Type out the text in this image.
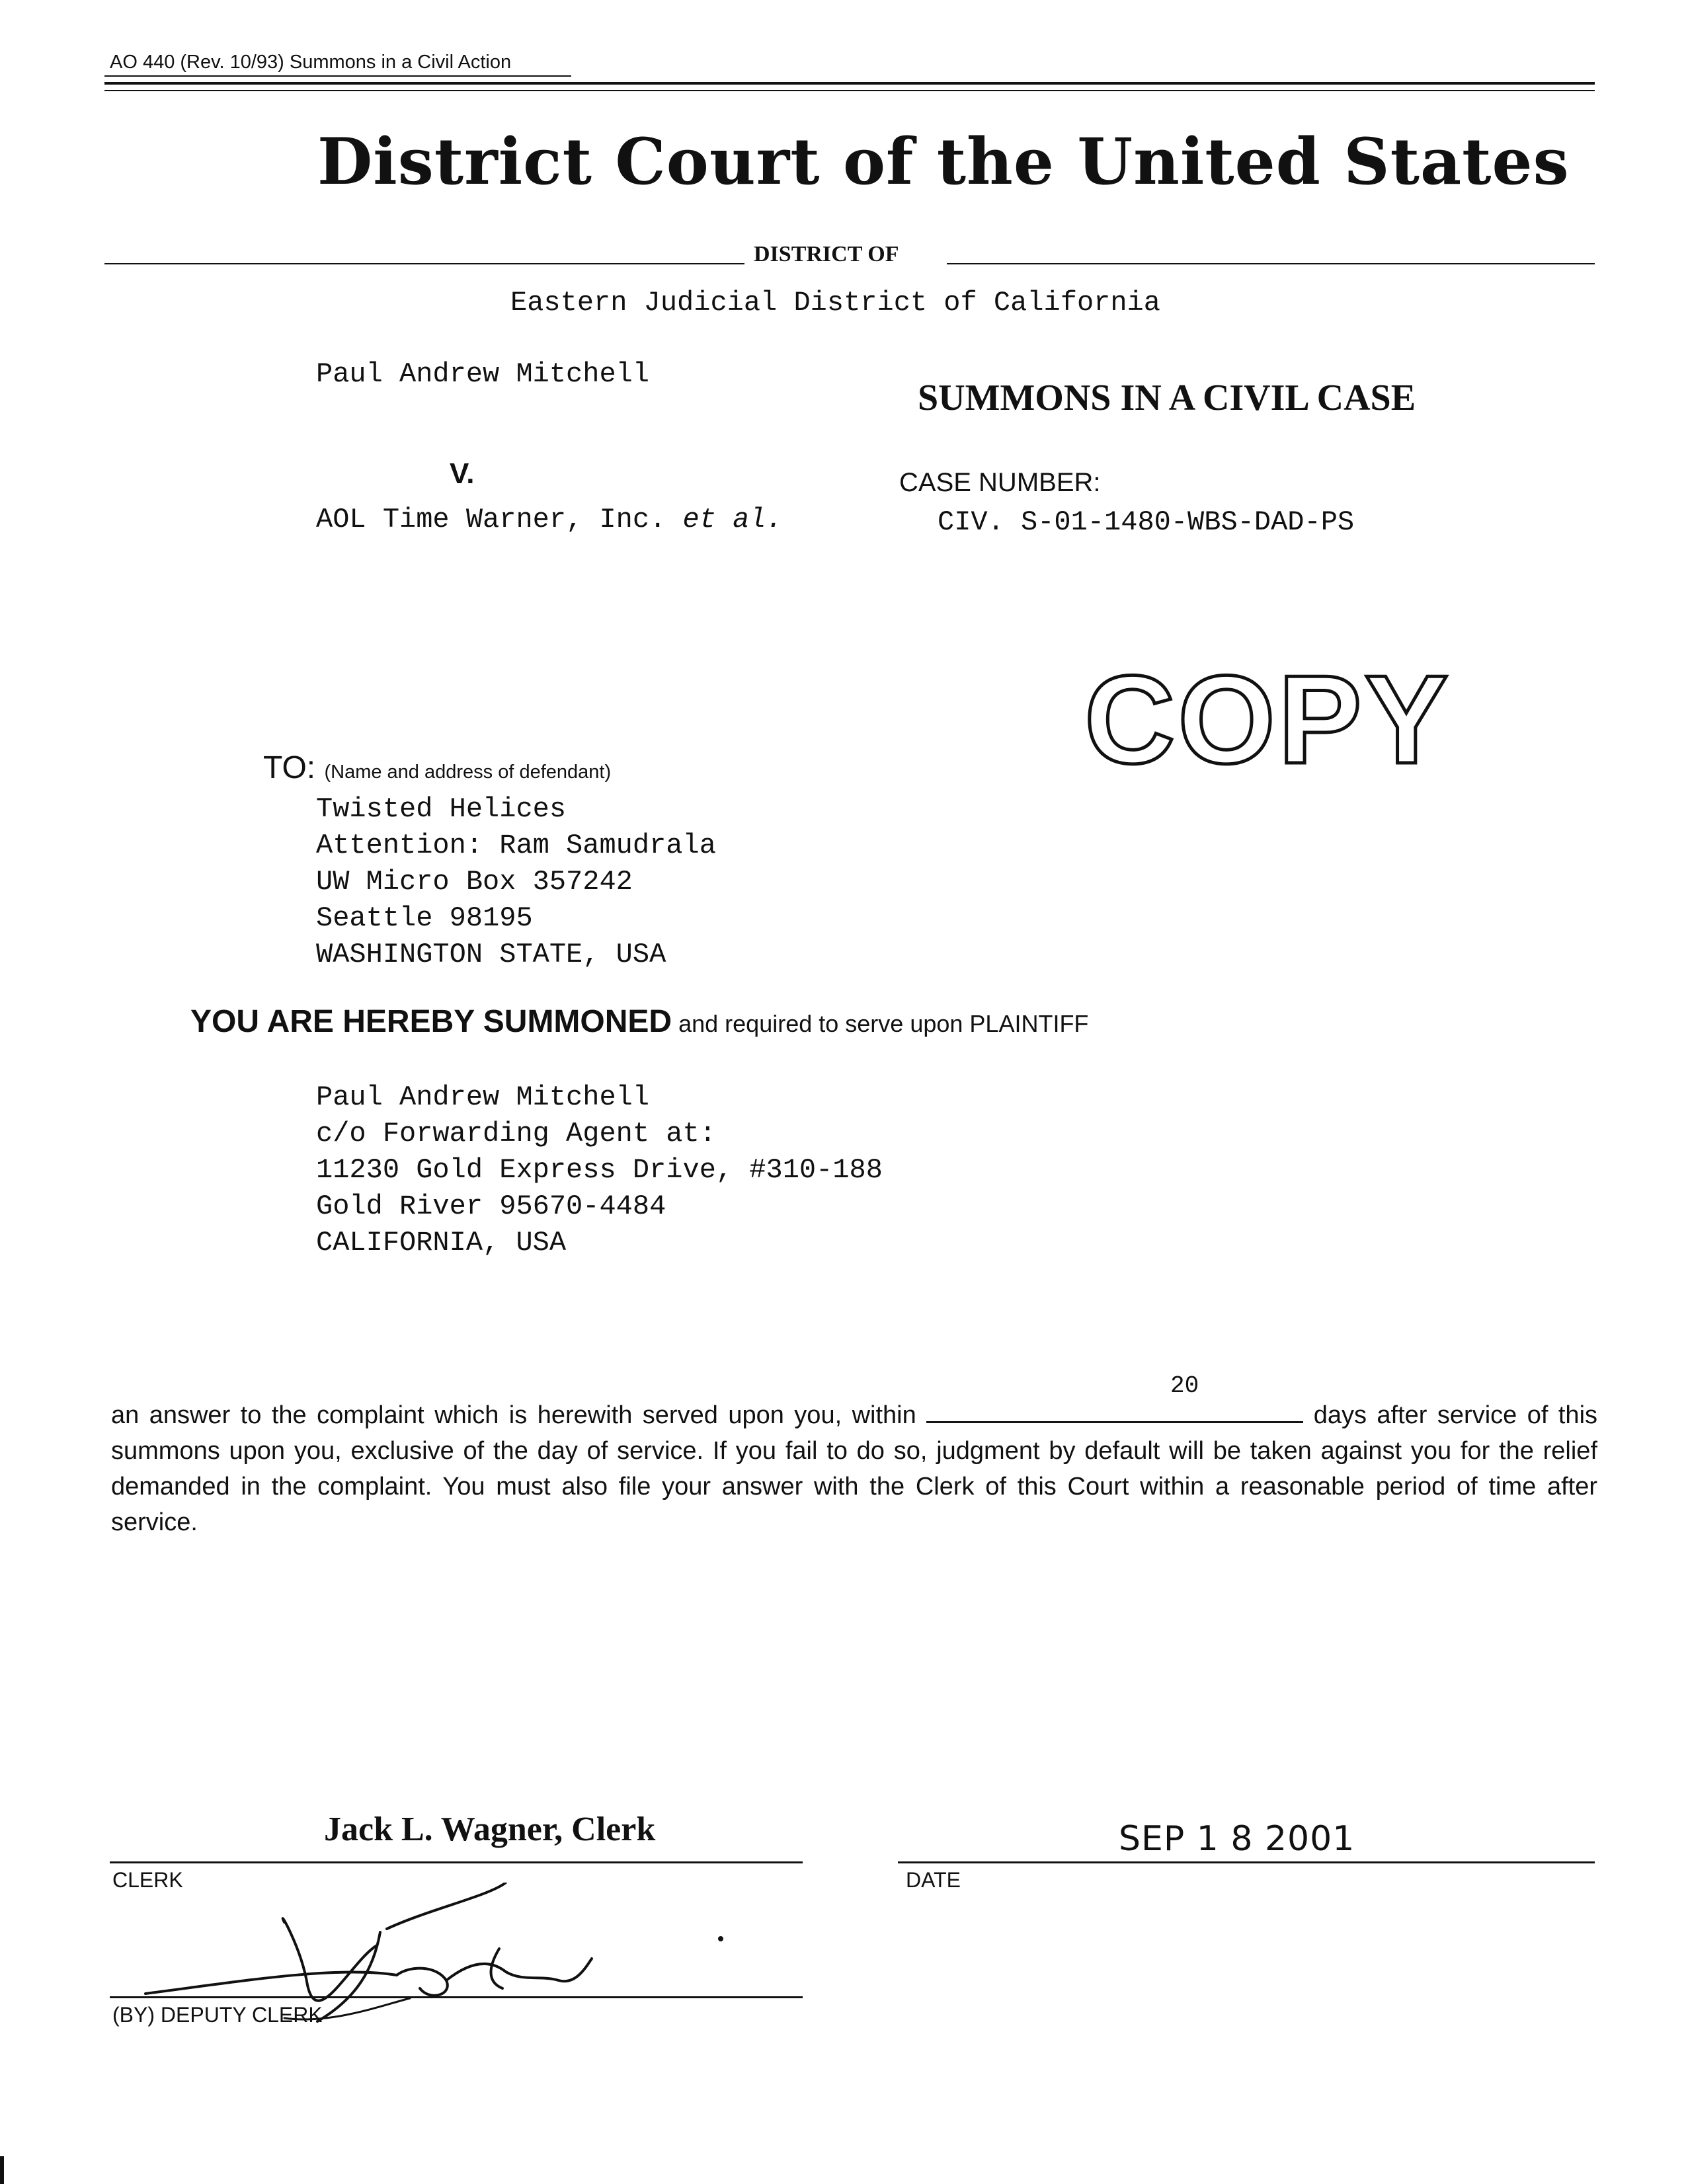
AO 440 (Rev. 10/93) Summons in a Civil Action
District Court of the United States
DISTRICT OF
Eastern Judicial District of California
Paul Andrew Mitchell
SUMMONS IN A CIVIL CASE
V.	CASE NUMBER:
AOL Time Warner, Inc. et al.	CIV. S-01-1480-WBS-DAD-PS
COPY
TO: (Name and address of defendant)
Twisted Helices
Attention: Ram Samudrala
UW Micro Box 357242
Seattle 98195
WASHINGTON STATE, USA
YOU ARE HEREBY SUMMONED and required to serve upon PLAINTIFF
Paul Andrew Mitchell
c/o Forwarding Agent at:
11230 Gold Express Drive, #310-188
Gold River 95670-4484
CALIFORNIA, USA
20
an answer to the complaint which is herewith served upon you, within	days after service of this summons upon you, exclusive of the day of service. If you fail to do so, judgment by default will be taken against you for the relief demanded in the complaint. You must also file your answer with the Clerk of this Court within a reasonable period of time after service.
Jack L. Wagner, Clerk
CLERK
SEP 1 8 2001
DATE
(BY) DEPUTY CLERK
